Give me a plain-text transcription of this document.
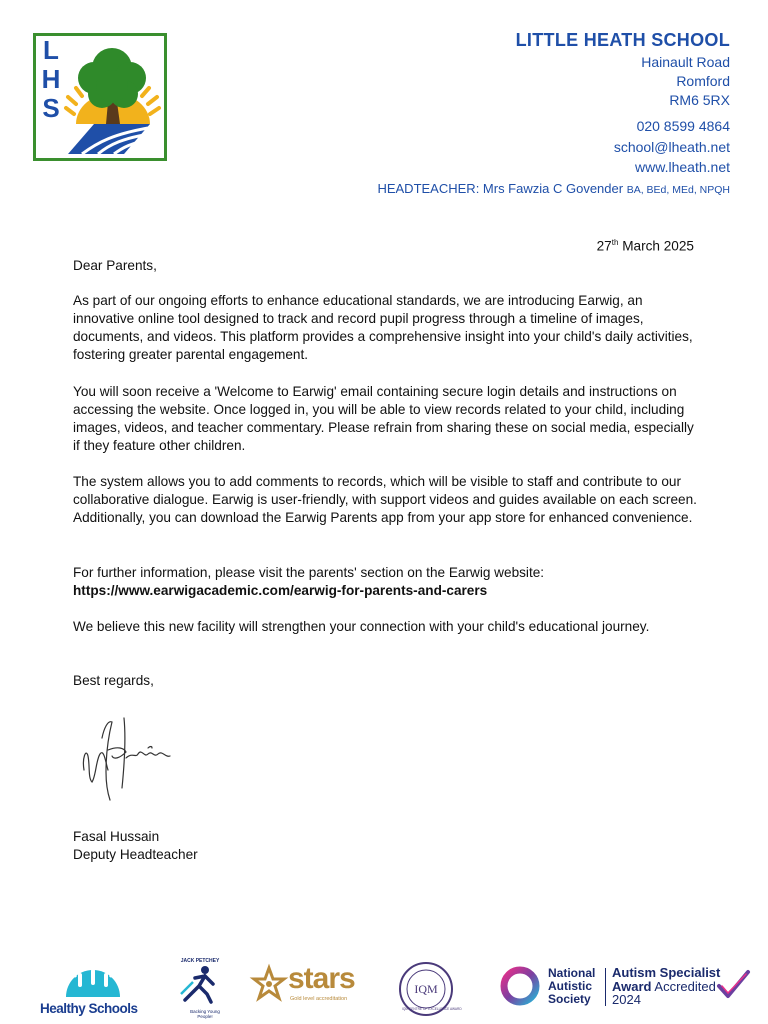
L
H
S
LITTLE HEATH SCHOOL
Hainault Road
Romford
RM6 5RX
020 8599 4864
school@lheath.net
www.lheath.net
HEADTEACHER: Mrs Fawzia C Govender BA, BEd, MEd, NPQH
27th March 2025
Dear Parents,
As part of our ongoing efforts to enhance educational standards, we are introducing Earwig, an innovative online tool designed to track and record pupil progress through a timeline of images, documents, and videos. This platform provides a comprehensive insight into your child's daily activities, fostering greater parental engagement.
You will soon receive a 'Welcome to Earwig' email containing secure login details and instructions on accessing the website. Once logged in, you will be able to view records related to your child, including images, videos, and teacher commentary. Please refrain from sharing these on social media, especially if they feature other children.
The system allows you to add comments to records, which will be visible to staff and contribute to our collaborative dialogue. Earwig is user-friendly, with support videos and guides available on each screen. Additionally, you can download the Earwig Parents app from your app store for enhanced convenience.
For further information, please visit the parents' section on the Earwig website:
https://www.earwigacademic.com/earwig-for-parents-and-carers
We believe this new facility will strengthen your connection with your child's educational journey.
Best regards,
Fasal Hussain
Deputy Headteacher
Healthy Schools
JACK PETCHEY
Backing Young People!
stars
Gold level accreditation
IQM
IQM CENTRE OF EXCELLENCE AWARD
National
Autistic
Society
Autism Specialist
Award Accredited
2024
